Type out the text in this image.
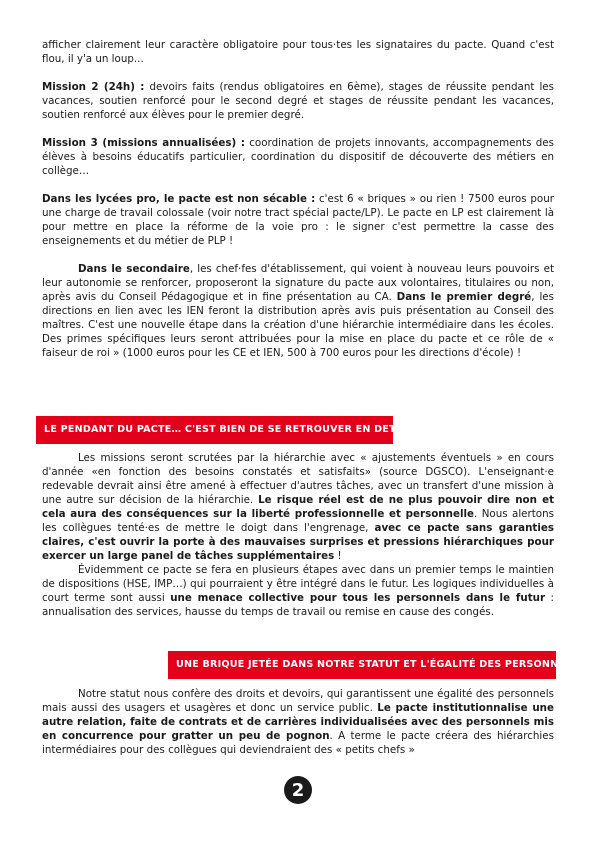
afficher clairement leur caractère obligatoire pour tous·tes les signataires du pacte. Quand c'est flou, il y'a un loup...

Mission 2 (24h) : devoirs faits (rendus obligatoires en 6ème), stages de réussite pendant les vacances, soutien renforcé pour le second degré et stages de réussite pendant les vacances, soutien renforcé aux élèves pour le premier degré.

Mission 3 (missions annualisées) : coordination de projets innovants, accompagnements des élèves à besoins éducatifs particulier, coordination du dispositif de découverte des métiers en collège…

Dans les lycées pro, le pacte est non sécable : c'est 6 « briques » ou rien ! 7500 euros pour une charge de travail colossale (voir notre tract spécial pacte/LP). Le pacte en LP est clairement là pour mettre en place la réforme de la voie pro : le signer c'est permettre la casse des enseignements et du métier de PLP !

Dans le secondaire, les chef·fes d'établissement, qui voient à nouveau leurs pouvoirs et leur autonomie se renforcer, proposeront la signature du pacte aux volontaires, titulaires ou non, après avis du Conseil Pédagogique et in fine présentation au CA. Dans le premier degré, les directions en lien avec les IEN feront la distribution après avis puis présentation au Conseil des maîtres. C'est une nouvelle étape dans la création d'une hiérarchie intermédiaire dans les écoles. Des primes spécifiques leurs seront attribuées pour la mise en place du pacte et ce rôle de « faiseur de roi » (1000 euros pour les CE et IEN, 500 à 700 euros pour les directions d'école) !

LE PENDANT DU PACTE… C'EST BIEN DE SE RETROUVER EN DETTE !

Les missions seront scrutées par la hiérarchie avec « ajustements éventuels » en cours d'année «en fonction des besoins constatés et satisfaits» (source DGSCO). L'enseignant·e redevable devrait ainsi être amené à effectuer d'autres tâches, avec un transfert d'une mission à une autre sur décision de la hiérarchie. Le risque réel est de ne plus pouvoir dire non et cela aura des conséquences sur la liberté professionnelle et personnelle. Nous alertons les collègues tenté·es de mettre le doigt dans l'engrenage, avec ce pacte sans garanties claires, c'est ouvrir la porte à des mauvaises surprises et pressions hiérarchiques pour exercer un large panel de tâches supplémentaires !

Évidemment ce pacte se fera en plusieurs étapes avec dans un premier temps le maintien de dispositions (HSE, IMP…) qui pourraient y être intégré dans le futur. Les logiques individuelles à court terme sont aussi une menace collective pour tous les personnels dans le futur : annualisation des services, hausse du temps de travail ou remise en cause des congés.

UNE BRIQUE JETÉE DANS NOTRE STATUT ET L'ÉGALITÉ DES PERSONNELS !

Notre statut nous confère des droits et devoirs, qui garantissent une égalité des personnels mais aussi des usagers et usagères et donc un service public. Le pacte institutionnalise une autre relation, faite de contrats et de carrières individualisées avec des personnels mis en concurrence pour gratter un peu de pognon. A terme le pacte créera des hiérarchies intermédiaires pour des collègues qui deviendraient des « petits chefs »

2
